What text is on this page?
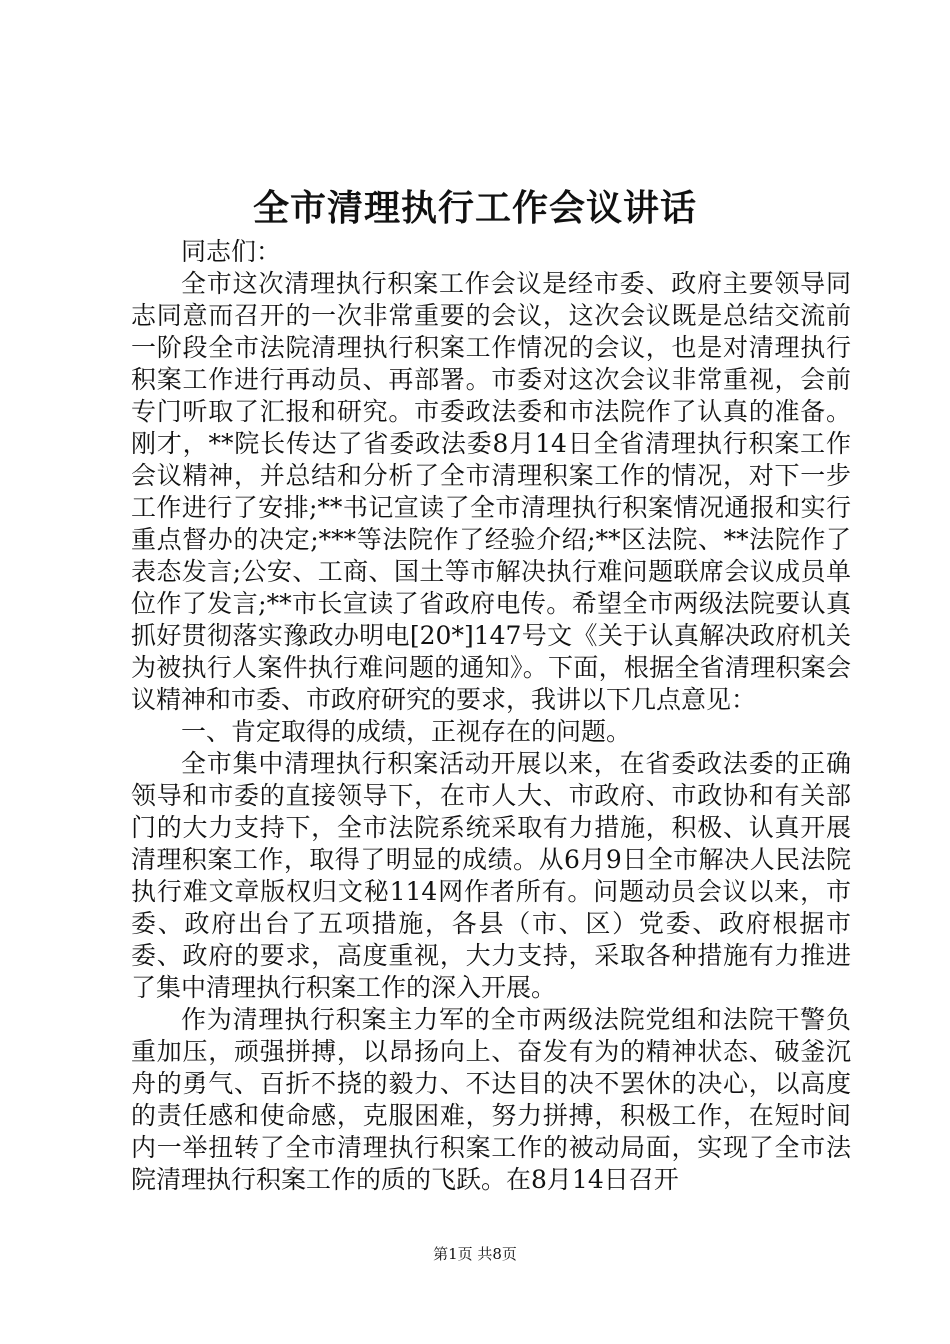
全市清理执行工作会议讲话

同志们：

全市这次清理执行积案工作会议是经市委、政府主要领导同志同意而召开的一次非常重要的会议，这次会议既是总结交流前一阶段全市法院清理执行积案工作情况的会议，也是对清理执行积案工作进行再动员、再部署。市委对这次会议非常重视，会前专门听取了汇报和研究。市委政法委和市法院作了认真的准备。刚才，**院长传达了省委政法委8月14日全省清理执行积案工作会议精神，并总结和分析了全市清理积案工作的情况，对下一步工作进行了安排;**书记宣读了全市清理执行积案情况通报和实行重点督办的决定;***等法院作了经验介绍;**区法院、**法院作了表态发言;公安、工商、国土等市解决执行难问题联席会议成员单位作了发言;**市长宣读了省政府电传。希望全市两级法院要认真抓好贯彻落实豫政办明电[20*]147号文《关于认真解决政府机关为被执行人案件执行难问题的通知》。下面，根据全省清理积案会议精神和市委、市政府研究的要求，我讲以下几点意见：

一、肯定取得的成绩，正视存在的问题。

全市集中清理执行积案活动开展以来，在省委政法委的正确领导和市委的直接领导下，在市人大、市政府、市政协和有关部门的大力支持下，全市法院系统采取有力措施，积极、认真开展清理积案工作，取得了明显的成绩。从6月9日全市解决人民法院执行难文章版权归文秘114网作者所有。问题动员会议以来，市委、政府出台了五项措施，各县（市、区）党委、政府根据市委、政府的要求，高度重视，大力支持，采取各种措施有力推进了集中清理执行积案工作的深入开展。

作为清理执行积案主力军的全市两级法院党组和法院干警负重加压，顽强拼搏，以昂扬向上、奋发有为的精神状态、破釜沉舟的勇气、百折不挠的毅力、不达目的决不罢休的决心，以高度的责任感和使命感，克服困难，努力拼搏，积极工作，在短时间内一举扭转了全市清理执行积案工作的被动局面，实现了全市法院清理执行积案工作的质的飞跃。在8月14日召开

第1页 共8页
